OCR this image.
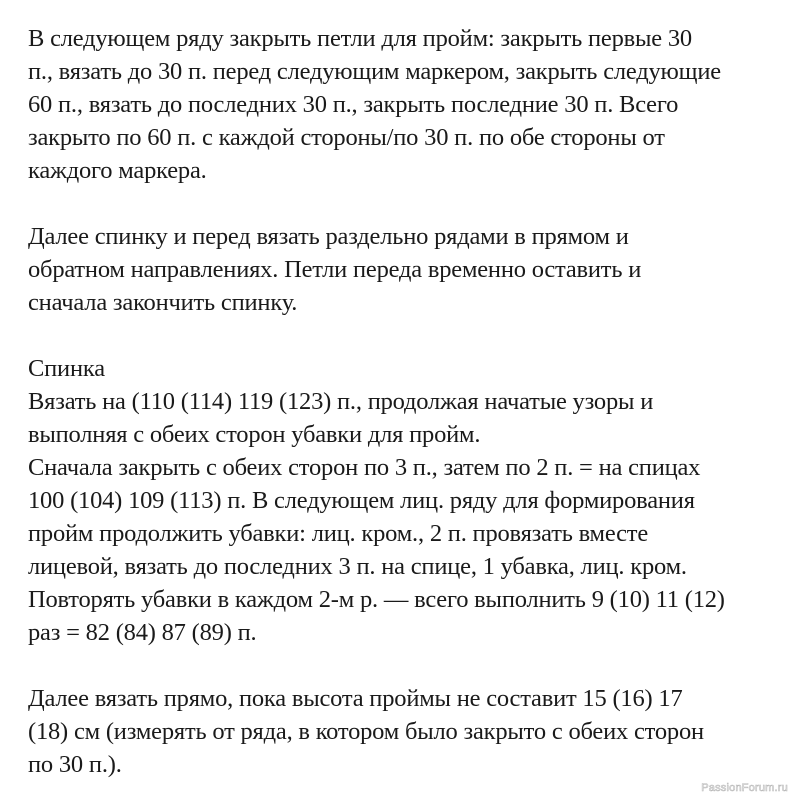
В следующем ряду закрыть петли для пройм: закрыть первые 30
п., вязать до 30 п. перед следующим маркером, закрыть следующие
60 п., вязать до последних 30 п., закрыть последние 30 п. Всего
закрыто по 60 п. с каждой стороны/по 30 п. по обе стороны от
каждого маркера.
Далее спинку и перед вязать раздельно рядами в прямом и
обратном направлениях. Петли переда временно оставить и
сначала закончить спинку.
Спинка
Вязать на (110 (114) 119 (123) п., продолжая начатые узоры и
выполняя с обеих сторон убавки для пройм.
Сначала закрыть с обеих сторон по 3 п., затем по 2 п. = на спицах
100 (104) 109 (113) п. В следующем лиц. ряду для формирования
пройм продолжить убавки: лиц. кром., 2 п. провязать вместе
лицевой, вязать до последних 3 п. на спице, 1 убавка, лиц. кром.
Повторять убавки в каждом 2-м р. — всего выполнить 9 (10) 11 (12)
раз = 82 (84) 87 (89) п.
Далее вязать прямо, пока высота проймы не составит 15 (16) 17
(18) см (измерять от ряда, в котором было закрыто с обеих сторон
по 30 п.).
PassionForum.ru
